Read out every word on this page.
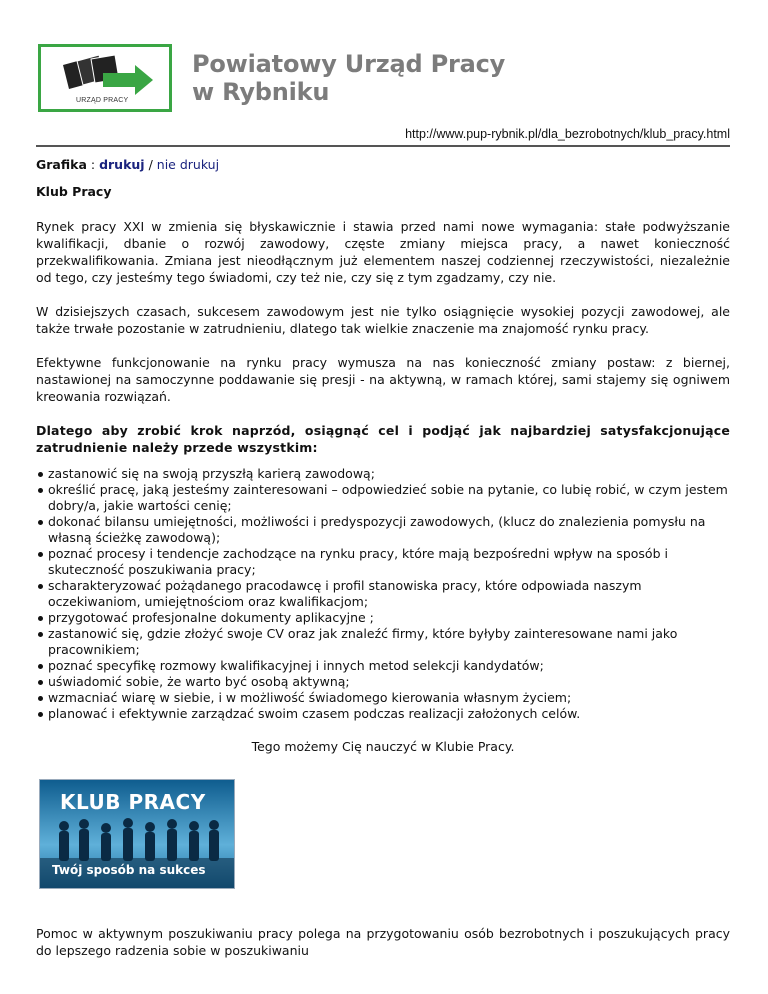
URZĄD PRACY
Powiatowy Urząd Pracy
w Rybniku
http://www.pup-rybnik.pl/dla_bezrobotnych/klub_pracy.html
Grafika : drukuj / nie drukuj
Klub Pracy

Rynek pracy XXI w zmienia się błyskawicznie i stawia przed nami nowe wymagania: stałe podwyższanie kwalifikacji, dbanie o rozwój zawodowy, częste zmiany miejsca pracy, a nawet konieczność przekwalifikowania. Zmiana jest nieodłącznym już elementem naszej codziennej rzeczywistości, niezależnie od tego, czy jesteśmy tego świadomi, czy też nie, czy się z tym zgadzamy, czy nie.

W dzisiejszych czasach, sukcesem zawodowym jest nie tylko osiągnięcie wysokiej pozycji zawodowej, ale także trwałe pozostanie w zatrudnieniu, dlatego tak wielkie znaczenie ma znajomość rynku pracy.

Efektywne funkcjonowanie na rynku pracy wymusza na nas konieczność zmiany postaw: z biernej, nastawionej na samoczynne poddawanie się presji - na aktywną, w ramach której, sami stajemy się ogniwem kreowania rozwiązań.

Dlatego aby zrobić krok naprzód, osiągnąć cel i podjąć jak najbardziej satysfakcjonujące zatrudnienie należy przede wszystkim:

zastanowić się na swoją przyszłą karierą zawodową;
określić pracę, jaką jesteśmy zainteresowani – odpowiedzieć sobie na pytanie, co lubię robić, w czym jestem dobry/a, jakie wartości cenię;
dokonać bilansu umiejętności, możliwości i predyspozycji zawodowych, (klucz do znalezienia pomysłu na własną ścieżkę zawodową);
poznać procesy i tendencje zachodzące na rynku pracy, które mają bezpośredni wpływ na sposób i skuteczność poszukiwania pracy;
scharakteryzować pożądanego pracodawcę i profil stanowiska pracy, które odpowiada naszym oczekiwaniom, umiejętnościom oraz kwalifikacjom;
przygotować profesjonalne dokumenty aplikacyjne ;
zastanowić się, gdzie złożyć swoje CV oraz jak znaleźć firmy, które byłyby zainteresowane nami jako pracownikiem;
poznać specyfikę rozmowy kwalifikacyjnej i innych metod selekcji kandydatów;
uświadomić sobie, że warto być osobą aktywną;
wzmacniać wiarę w siebie, i w możliwość świadomego kierowania własnym życiem;
planować i efektywnie zarządzać swoim czasem podczas realizacji założonych celów.
Tego możemy Cię nauczyć w Klubie Pracy.
KLUB PRACY
Twój sposób na sukces

Pomoc w aktywnym poszukiwaniu pracy polega na przygotowaniu osób bezrobotnych i poszukujących pracy do lepszego radzenia sobie w poszukiwaniu
